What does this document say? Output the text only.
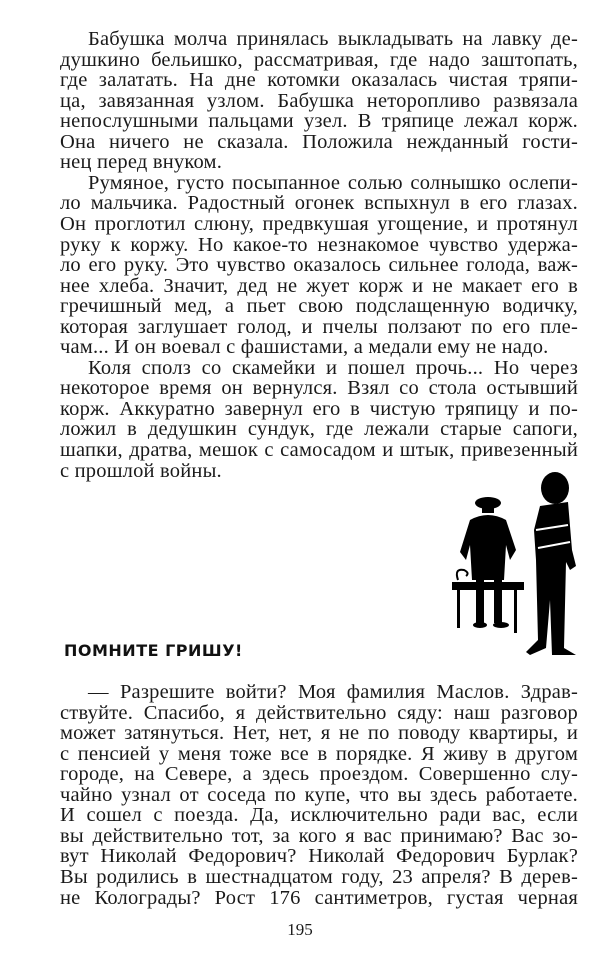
Бабушка молча принялась выкладывать на лавку де-
душкино бельишко, рассматривая, где надо заштопать,
где залатать. На дне котомки оказалась чистая тряпи-
ца, завязанная узлом. Бабушка неторопливо развязала
непослушными пальцами узел. В тряпице лежал корж.
Она ничего не сказала. Положила нежданный гости-
нец перед внуком.
Румяное, густо посыпанное солью солнышко ослепи-
ло мальчика. Радостный огонек вспыхнул в его глазах.
Он проглотил слюну, предвкушая угощение, и протянул
руку к коржу. Но какое-то незнакомое чувство удержа-
ло его руку. Это чувство оказалось сильнее голода, важ-
нее хлеба. Значит, дед не жует корж и не макает его в
гречишный мед, а пьет свою подслащенную водичку,
которая заглушает голод, и пчелы ползают по его пле-
чам... И он воевал с фашистами, а медали ему не надо.
Коля сполз со скамейки и пошел прочь... Но через
некоторое время он вернулся. Взял со стола остывший
корж. Аккуратно завернул его в чистую тряпицу и по-
ложил в дедушкин сундук, где лежали старые сапоги,
шапки, дратва, мешок с самосадом и штык, привезенный
с прошлой войны.
ПОМНИТЕ ГРИШУ!
— Разрешите войти? Моя фамилия Маслов. Здрав-
ствуйте. Спасибо, я действительно сяду: наш разговор
может затянуться. Нет, нет, я не по поводу квартиры, и
с пенсией у меня тоже все в порядке. Я живу в другом
городе, на Севере, а здесь проездом. Совершенно слу-
чайно узнал от соседа по купе, что вы здесь работаете.
И сошел с поезда. Да, исключительно ради вас, если
вы действительно тот, за кого я вас принимаю? Вас зо-
вут Николай Федорович? Николай Федорович Бурлак?
Вы родились в шестнадцатом году, 23 апреля? В дерев-
не Колограды? Рост 176 сантиметров, густая черная
195
